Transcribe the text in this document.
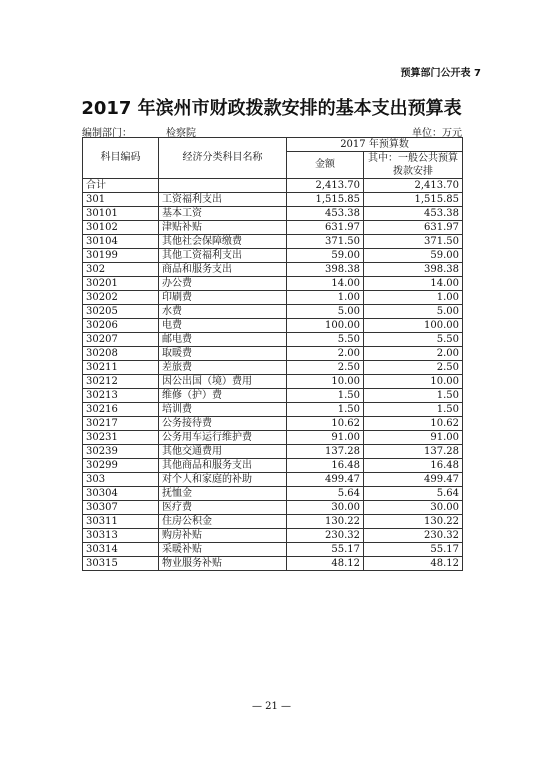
预算部门公开表 7
2017 年滨州市财政拨款安排的基本支出预算表
编制部门：	检察院	单位：万元
科目编码	经济分类科目名称	2017 年预算数	
		金额	其中：一般公共预算拨款安排
合计		2,413.70	2,413.70
301	工资福利支出	1,515.85	1,515.85
30101	基本工资	453.38	453.38
30102	津贴补贴	631.97	631.97
30104	其他社会保障缴费	371.50	371.50
30199	其他工资福利支出	59.00	59.00
302	商品和服务支出	398.38	398.38
30201	办公费	14.00	14.00
30202	印刷费	1.00	1.00
30205	水费	5.00	5.00
30206	电费	100.00	100.00
30207	邮电费	5.50	5.50
30208	取暖费	2.00	2.00
30211	差旅费	2.50	2.50
30212	因公出国（境）费用	10.00	10.00
30213	维修（护）费	1.50	1.50
30216	培训费	1.50	1.50
30217	公务接待费	10.62	10.62
30231	公务用车运行维护费	91.00	91.00
30239	其他交通费用	137.28	137.28
30299	其他商品和服务支出	16.48	16.48
303	对个人和家庭的补助	499.47	499.47
30304	抚恤金	5.64	5.64
30307	医疗费	30.00	30.00
30311	住房公积金	130.22	130.22
30313	购房补贴	230.32	230.32
30314	采暖补贴	55.17	55.17
30315	物业服务补贴	48.12	48.12
— 21 —
